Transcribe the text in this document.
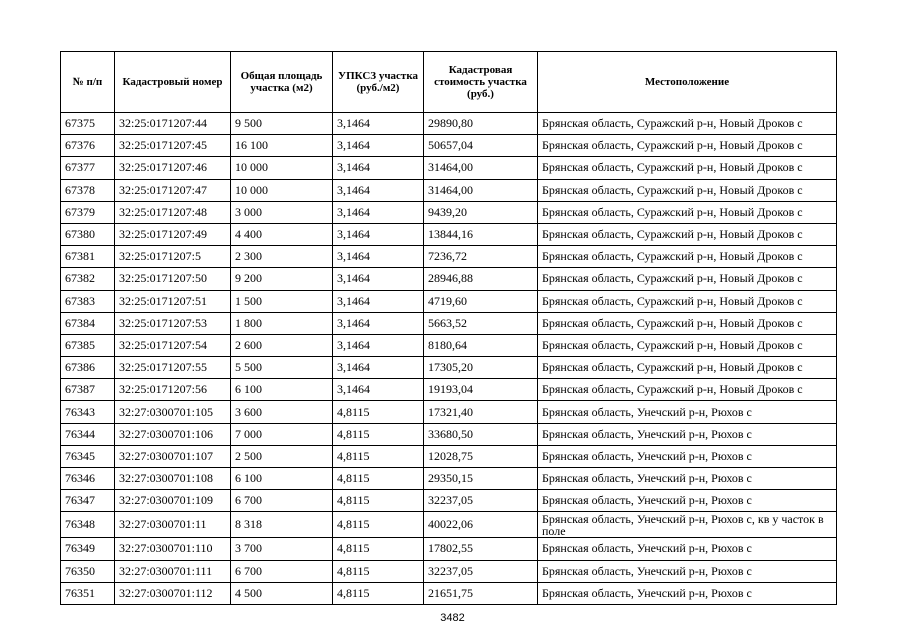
№ п/п	Кадастровый номер	Общая площадь участка (м2)	УПКСЗ участка (руб./м2)	Кадастровая стоимость участка (руб.)	Местоположение
67375	32:25:0171207:44	9 500	3,1464	29890,80	Брянская область, Суражский р-н, Новый Дроков с
67376	32:25:0171207:45	16 100	3,1464	50657,04	Брянская область, Суражский р-н, Новый Дроков с
67377	32:25:0171207:46	10 000	3,1464	31464,00	Брянская область, Суражский р-н, Новый Дроков с
67378	32:25:0171207:47	10 000	3,1464	31464,00	Брянская область, Суражский р-н, Новый Дроков с
67379	32:25:0171207:48	3 000	3,1464	9439,20	Брянская область, Суражский р-н, Новый Дроков с
67380	32:25:0171207:49	4 400	3,1464	13844,16	Брянская область, Суражский р-н, Новый Дроков с
67381	32:25:0171207:5	2 300	3,1464	7236,72	Брянская область, Суражский р-н, Новый Дроков с
67382	32:25:0171207:50	9 200	3,1464	28946,88	Брянская область, Суражский р-н, Новый Дроков с
67383	32:25:0171207:51	1 500	3,1464	4719,60	Брянская область, Суражский р-н, Новый Дроков с
67384	32:25:0171207:53	1 800	3,1464	5663,52	Брянская область, Суражский р-н, Новый Дроков с
67385	32:25:0171207:54	2 600	3,1464	8180,64	Брянская область, Суражский р-н, Новый Дроков с
67386	32:25:0171207:55	5 500	3,1464	17305,20	Брянская область, Суражский р-н, Новый Дроков с
67387	32:25:0171207:56	6 100	3,1464	19193,04	Брянская область, Суражский р-н, Новый Дроков с
76343	32:27:0300701:105	3 600	4,8115	17321,40	Брянская область, Унечский р-н, Рюхов с
76344	32:27:0300701:106	7 000	4,8115	33680,50	Брянская область, Унечский р-н, Рюхов с
76345	32:27:0300701:107	2 500	4,8115	12028,75	Брянская область, Унечский р-н, Рюхов с
76346	32:27:0300701:108	6 100	4,8115	29350,15	Брянская область, Унечский р-н, Рюхов с
76347	32:27:0300701:109	6 700	4,8115	32237,05	Брянская область, Унечский р-н, Рюхов с
76348	32:27:0300701:11	8 318	4,8115	40022,06	Брянская область, Унечский р-н, Рюхов с, кв у часток в поле
76349	32:27:0300701:110	3 700	4,8115	17802,55	Брянская область, Унечский р-н, Рюхов с
76350	32:27:0300701:111	6 700	4,8115	32237,05	Брянская область, Унечский р-н, Рюхов с
76351	32:27:0300701:112	4 500	4,8115	21651,75	Брянская область, Унечский р-н, Рюхов с
3482
